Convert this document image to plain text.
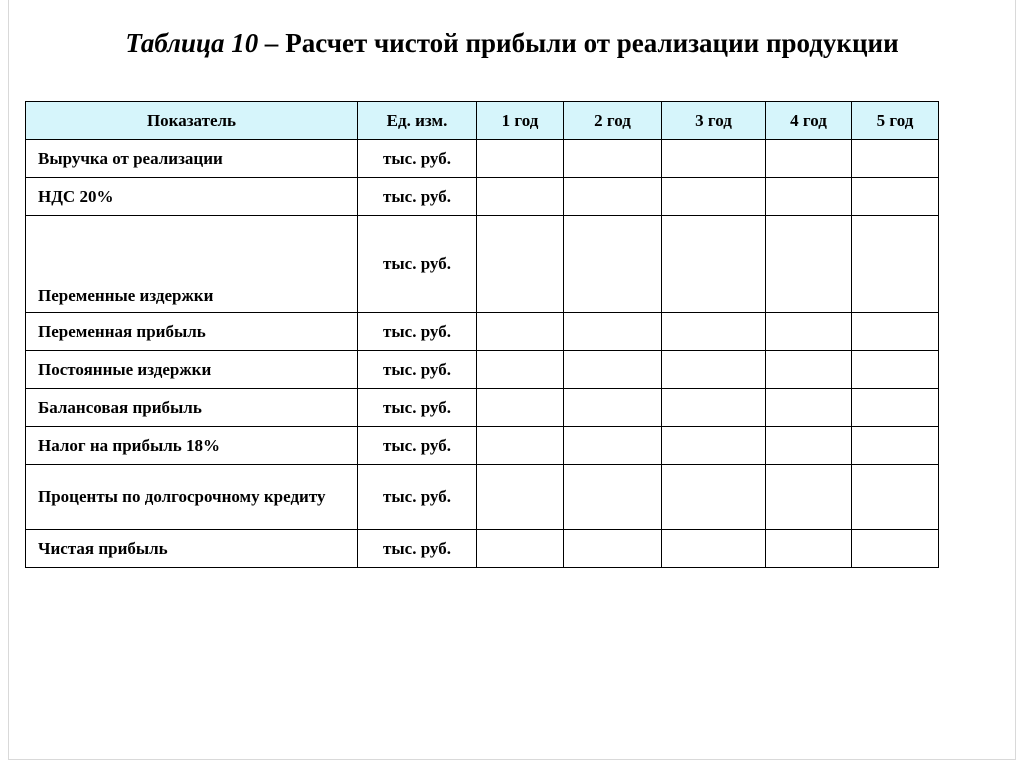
Таблица 10 – Расчет чистой прибыли от реализации продукции
Показатель	Ед. изм.	1 год	2 год	3 год	4 год	5 год
Выручка от реализации	тыс. руб.					
НДС 20%	тыс. руб.					
Переменные издержки	тыс. руб.					
Переменная прибыль	тыс. руб.					
Постоянные издержки	тыс. руб.					
Балансовая прибыль	тыс. руб.					
Налог на прибыль 18%	тыс. руб.					
Проценты по долгосрочному кредиту	тыс. руб.					
Чистая прибыль	тыс. руб.					
